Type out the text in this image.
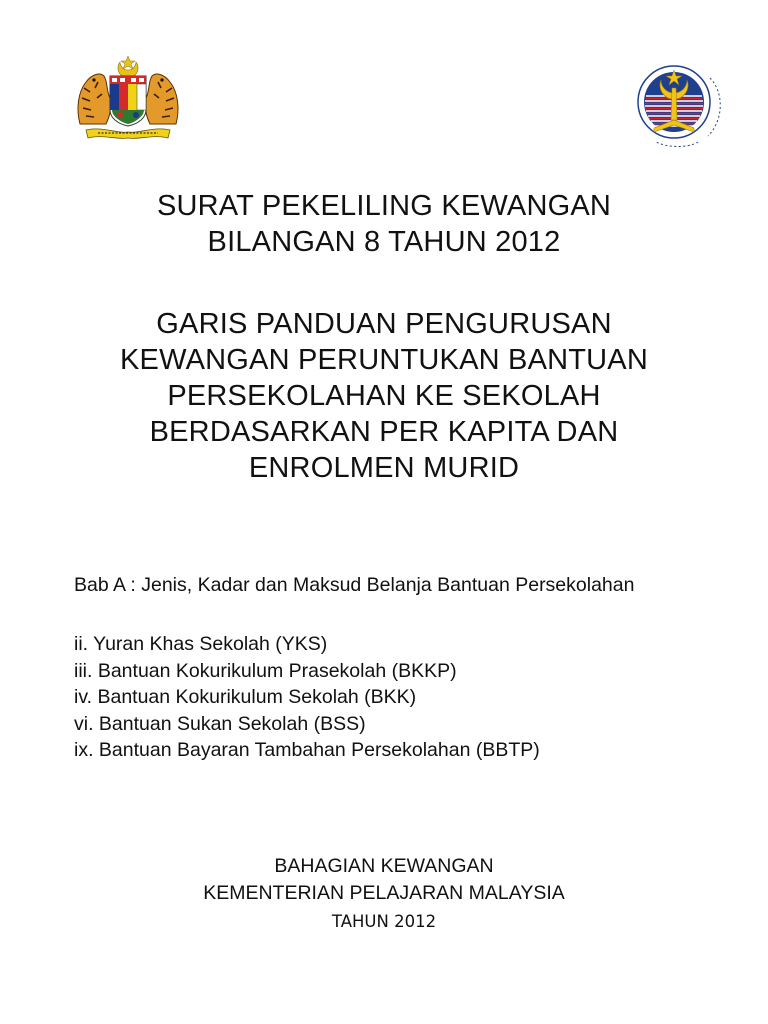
SURAT PEKELILING KEWANGAN
BILANGAN 8 TAHUN 2012
GARIS PANDUAN PENGURUSAN
KEWANGAN PERUNTUKAN BANTUAN
PERSEKOLAHAN KE SEKOLAH
BERDASARKAN PER KAPITA DAN
ENROLMEN MURID
Bab A : Jenis, Kadar dan Maksud Belanja Bantuan Persekolahan
ii. Yuran Khas Sekolah (YKS)
iii. Bantuan Kokurikulum Prasekolah (BKKP)
iv. Bantuan Kokurikulum Sekolah (BKK)
vi. Bantuan Sukan Sekolah (BSS)
ix. Bantuan Bayaran Tambahan Persekolahan (BBTP)
BAHAGIAN KEWANGAN
KEMENTERIAN PELAJARAN MALAYSIA
TAHUN 2012
